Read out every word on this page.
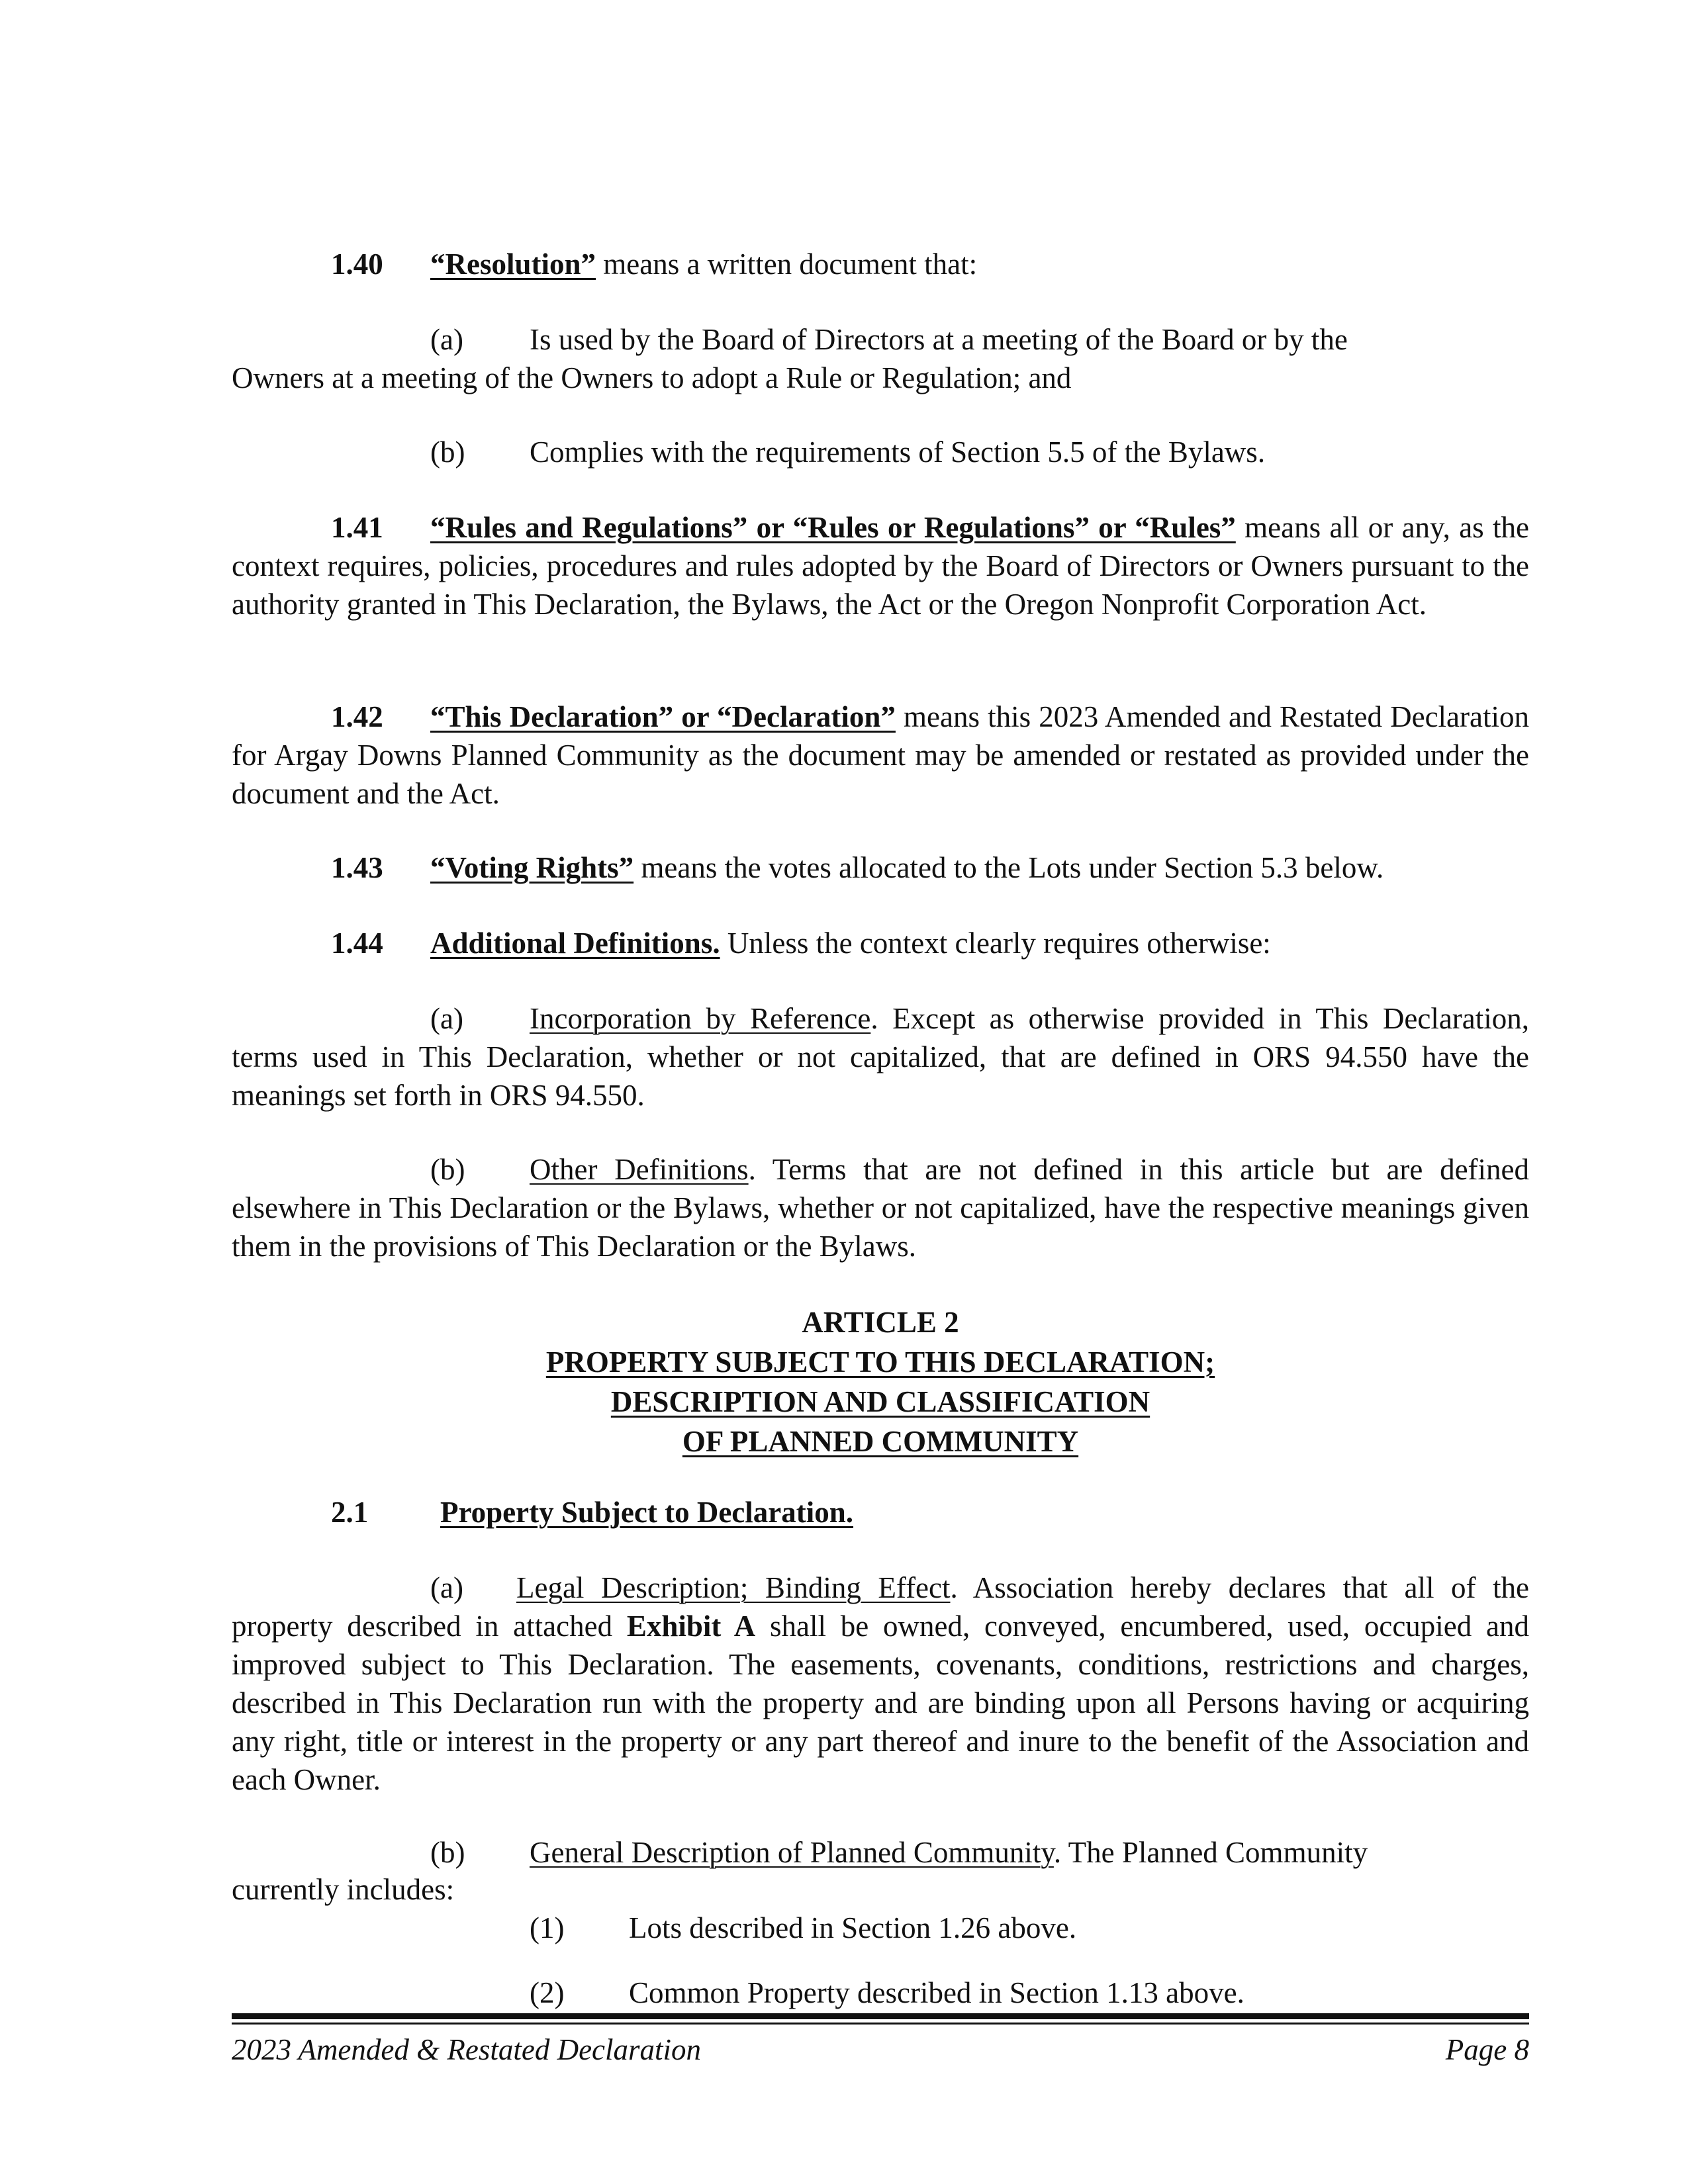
1.40 “Resolution” means a written document that:
(a) Is used by the Board of Directors at a meeting of the Board or by the
Owners at a meeting of the Owners to adopt a Rule or Regulation; and
(b) Complies with the requirements of Section 5.5 of the Bylaws.
1.41 “Rules and Regulations” or “Rules or Regulations” or “Rules” means all or any, as the context requires, policies, procedures and rules adopted by the Board of Directors or Owners pursuant to the authority granted in This Declaration, the Bylaws, the Act or the Oregon Nonprofit Corporation Act.
1.42 “This Declaration” or “Declaration” means this 2023 Amended and Restated Declaration for Argay Downs Planned Community as the document may be amended or restated as provided under the document and the Act.
1.43 “Voting Rights” means the votes allocated to the Lots under Section 5.3 below.
1.44 Additional Definitions. Unless the context clearly requires otherwise:
(a) Incorporation by Reference. Except as otherwise provided in This Declaration, terms used in This Declaration, whether or not capitalized, that are defined in ORS 94.550 have the meanings set forth in ORS 94.550.
(b) Other Definitions. Terms that are not defined in this article but are defined elsewhere in This Declaration or the Bylaws, whether or not capitalized, have the respective meanings given them in the provisions of This Declaration or the Bylaws.
ARTICLE 2
PROPERTY SUBJECT TO THIS DECLARATION;
DESCRIPTION AND CLASSIFICATION
OF PLANNED COMMUNITY
2.1 Property Subject to Declaration.
(a) Legal Description; Binding Effect. Association hereby declares that all of the property described in attached Exhibit A shall be owned, conveyed, encumbered, used, occupied and improved subject to This Declaration. The easements, covenants, conditions, restrictions and charges, described in This Declaration run with the property and are binding upon all Persons having or acquiring any right, title or interest in the property or any part thereof and inure to the benefit of the Association and each Owner.
(b) General Description of Planned Community. The Planned Community
currently includes:
(1) Lots described in Section 1.26 above.
(2) Common Property described in Section 1.13 above.
2023 Amended & Restated Declaration	Page 8
